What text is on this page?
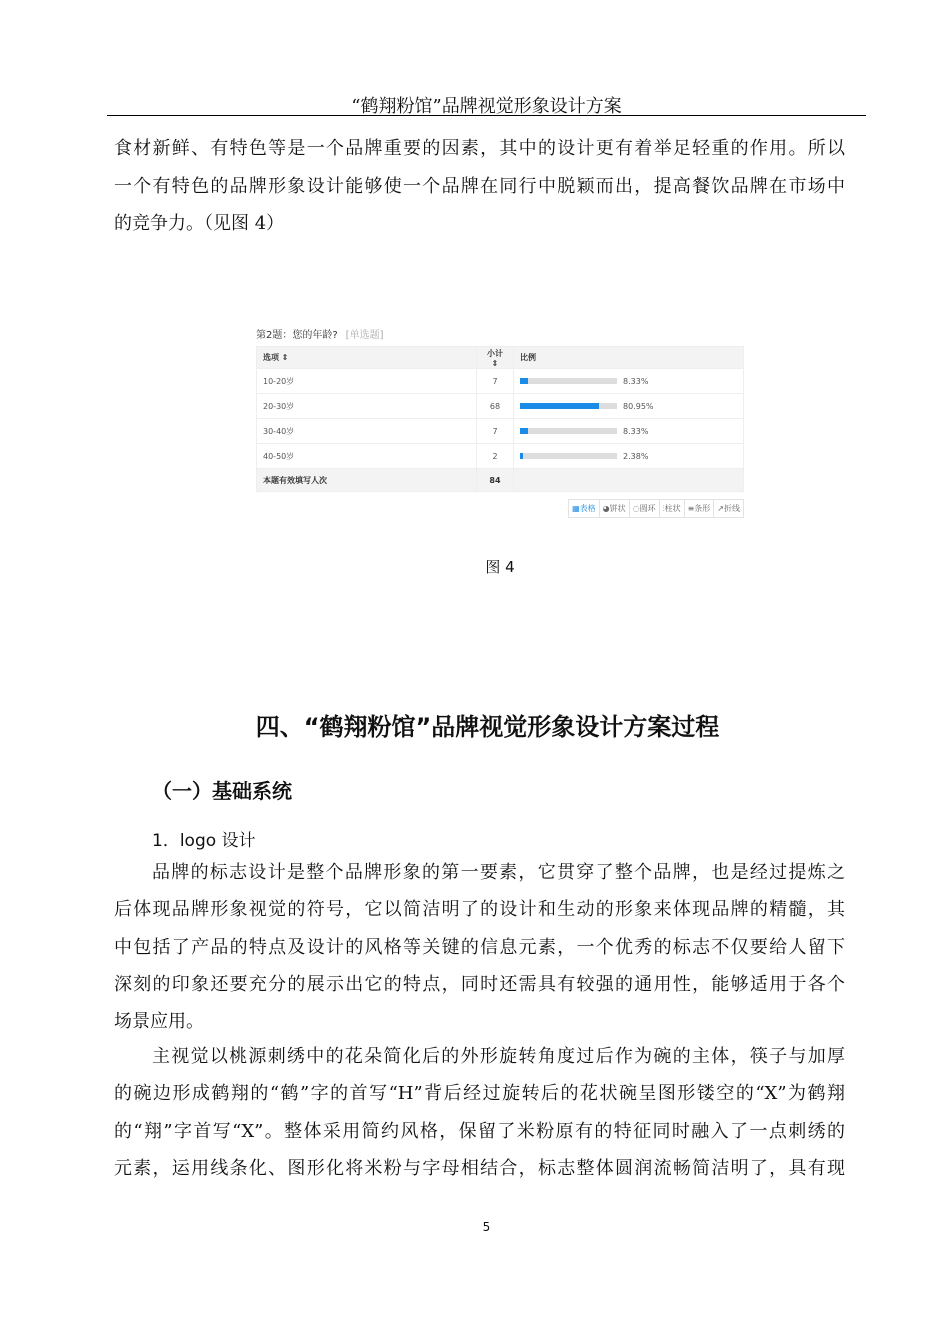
“鹤翔粉馆”品牌视觉形象设计方案
食材新鲜、有特色等是一个品牌重要的因素，其中的设计更有着举足轻重的作用。所以
一个有特色的品牌形象设计能够使一个品牌在同行中脱颖而出，提高餐饮品牌在市场中
的竞争力。（见图 4）
第2题：您的年龄? [单选题]
选项 ⇕	小计 ⇕	比例
10-20岁	7	8.33%
20-30岁	68	80.95%
30-40岁	7	8.33%
40-50岁	2	2.38%
本题有效填写人次	84	
▦表格 ◕饼状 ◌圆环 ⫶柱状 ≡条形 ↗折线
图 4
四、“鹤翔粉馆”品牌视觉形象设计方案过程
（一）基础系统
1．logo 设计
品牌的标志设计是整个品牌形象的第一要素，它贯穿了整个品牌，也是经过提炼之
后体现品牌形象视觉的符号，它以简洁明了的设计和生动的形象来体现品牌的精髓，其
中包括了产品的特点及设计的风格等关键的信息元素，一个优秀的标志不仅要给人留下
深刻的印象还要充分的展示出它的特点，同时还需具有较强的通用性，能够适用于各个
场景应用。
主视觉以桃源刺绣中的花朵简化后的外形旋转角度过后作为碗的主体，筷子与加厚
的碗边形成鹤翔的“鹤”字的首写“H”背后经过旋转后的花状碗呈图形镂空的“X”为鹤翔
的“翔”字首写“X”。整体采用简约风格，保留了米粉原有的特征同时融入了一点刺绣的
元素，运用线条化、图形化将米粉与字母相结合，标志整体圆润流畅简洁明了，具有现
5
